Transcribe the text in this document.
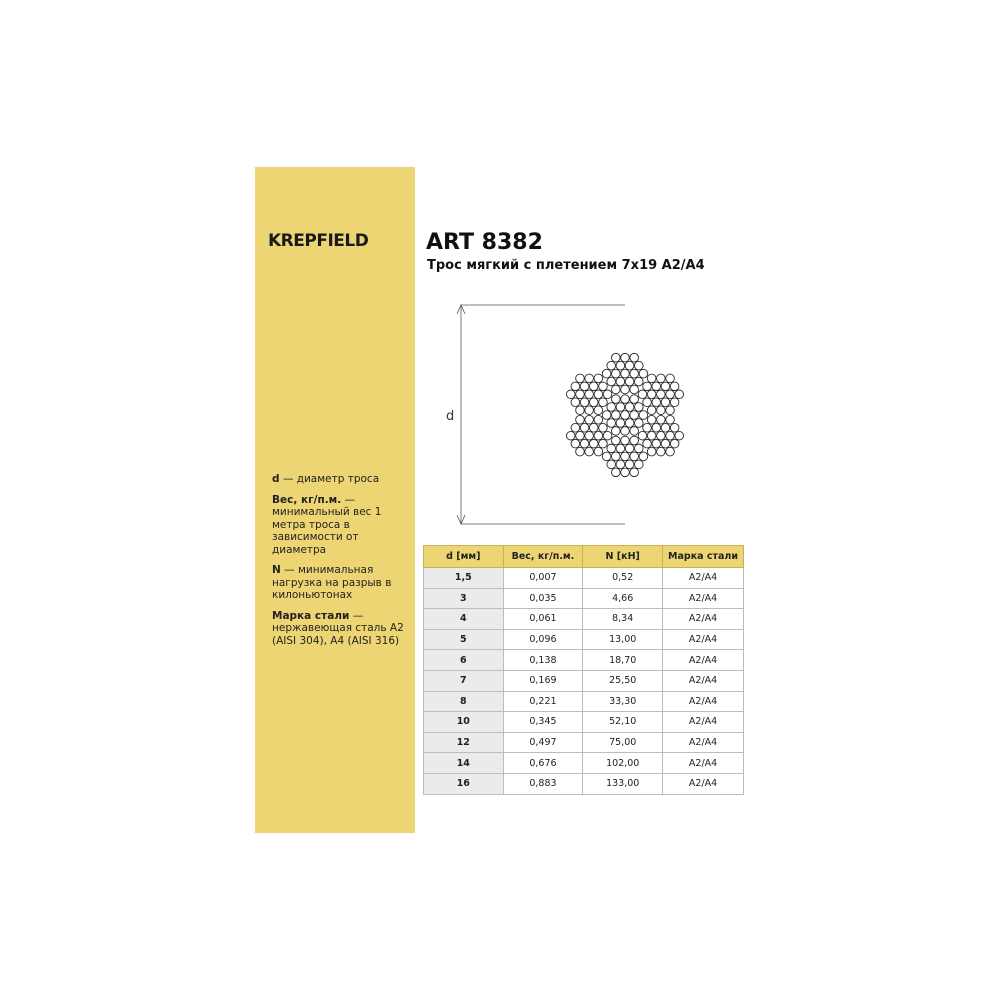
KREPFIELD	ART 8382
Трос мягкий с плетением 7x19 A2/A4

d — диаметр троса

Вес, кг/п.м. — минимальный вес 1 метра троса в зависимости от диаметра

N — минимальная нагрузка на разрыв в килоньютонах

Марка стали — нержавеющая сталь A2 (AISI 304), A4 (AISI 316)

d
d [мм]	Вес, кг/п.м.	N [кН]	Марка стали
1,5	0,007	0,52	A2/A4
3	0,035	4,66	A2/A4
4	0,061	8,34	A2/A4
5	0,096	13,00	A2/A4
6	0,138	18,70	A2/A4
7	0,169	25,50	A2/A4
8	0,221	33,30	A2/A4
10	0,345	52,10	A2/A4
12	0,497	75,00	A2/A4
14	0,676	102,00	A2/A4
16	0,883	133,00	A2/A4
